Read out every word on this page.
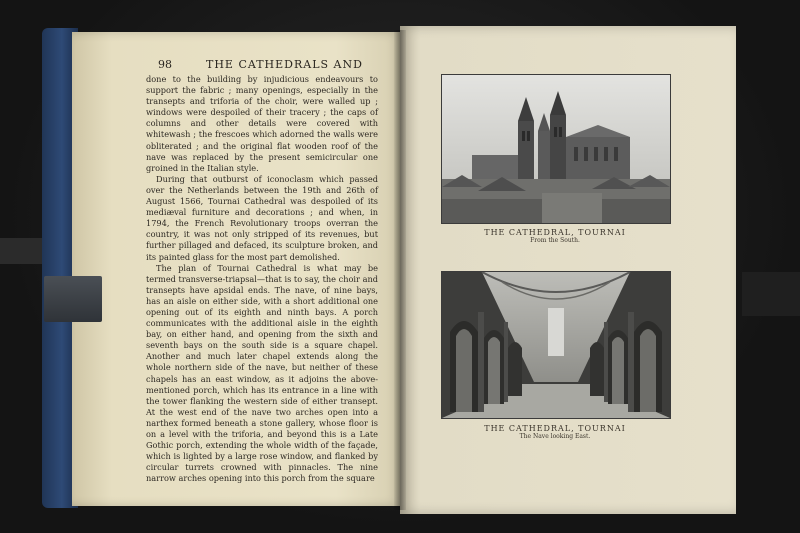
98	THE CATHEDRALS AND

done to the building by injudicious endeavours to support the fabric ; many openings, especially in the transepts and triforia of the choir, were walled up ; windows were despoiled of their tracery ; the caps of columns and other details were covered with whitewash ; the frescoes which adorned the walls were obliterated ; and the original flat wooden roof of the nave was replaced by the present semicircular one groined in the Italian style.

During that outburst of iconoclasm which passed over the Netherlands between the 19th and 26th of August 1566, Tournai Cathedral was despoiled of its mediæval furniture and decorations ; and when, in 1794, the French Revolutionary troops overran the country, it was not only stripped of its revenues, but further pillaged and defaced, its sculpture broken, and its painted glass for the most part demolished.

The plan of Tournai Cathedral is what may be termed transverse-triapsal—that is to say, the choir and transepts have apsidal ends. The nave, of nine bays, has an aisle on either side, with a short additional one opening out of its eighth and ninth bays. A porch communicates with the additional aisle in the eighth bay, on either hand, and opening from the sixth and seventh bays on the south side is a square chapel. Another and much later chapel extends along the whole northern side of the nave, but neither of these chapels has an east window, as it adjoins the above-mentioned porch, which has its entrance in a line with the tower flanking the western side of either transept. At the west end of the nave two arches open into a narthex formed beneath a stone gallery, whose floor is on a level with the triforia, and beyond this is a Late Gothic porch, extending the whole width of the façade, which is lighted by a large rose window, and flanked by circular turrets crowned with pinnacles. The nine narrow arches opening into this porch from the square

THE CATHEDRAL, TOURNAI
From the South.
THE CATHEDRAL, TOURNAI
The Nave looking East.
